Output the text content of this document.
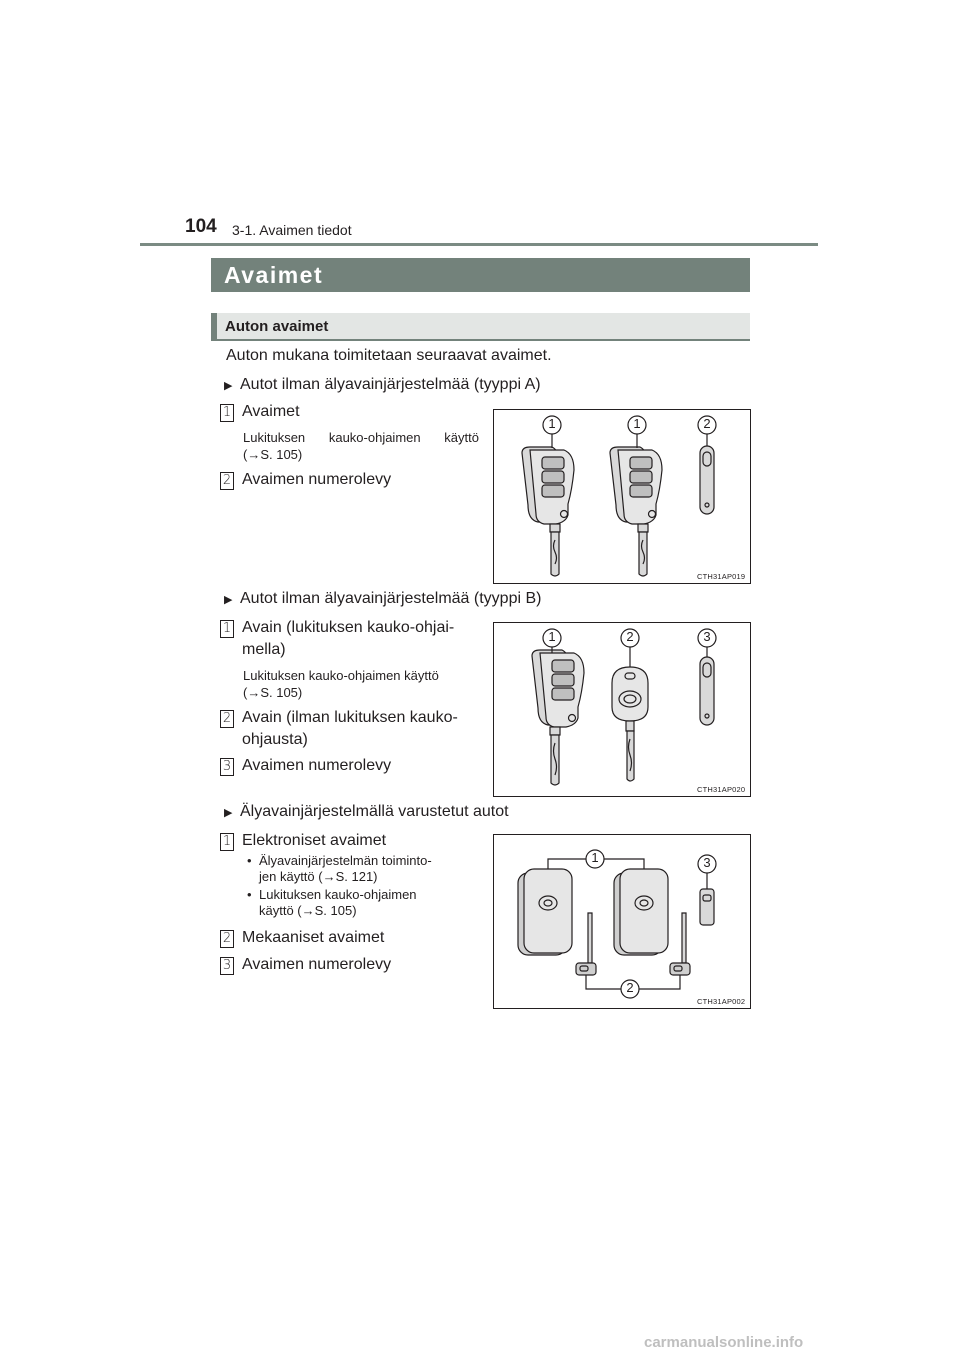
104 3-1. Avaimen tiedot
Avaimet
Auton avaimet
Auton mukana toimitetaan seuraavat avaimet.
▶ Autot ilman älyavainjärjestelmää (tyyppi A)
1 Avaimet
Lukituksen kauko-ohjaimen käyttö
(→S. 105)
2 Avaimen numerolevy
1	1	2
CTH31AP019
▶ Autot ilman älyavainjärjestelmää (tyyppi B)
1 Avain (lukituksen kauko-ohjai-
mella)
Lukituksen kauko-ohjaimen käyttö
(→S. 105)
2 Avain (ilman lukituksen kauko-
ohjausta)
3 Avaimen numerolevy
1	2	3
CTH31AP020
▶ Älyavainjärjestelmällä varustetut autot
1 Elektroniset avaimet
• Älyavainjärjestelmän toiminto-
jen käyttö (→S. 121)
• Lukituksen kauko-ohjaimen
käyttö (→S. 105)
2 Mekaaniset avaimet
3 Avaimen numerolevy
1	3
2
CTH31AP002
carmanualsonline.info
